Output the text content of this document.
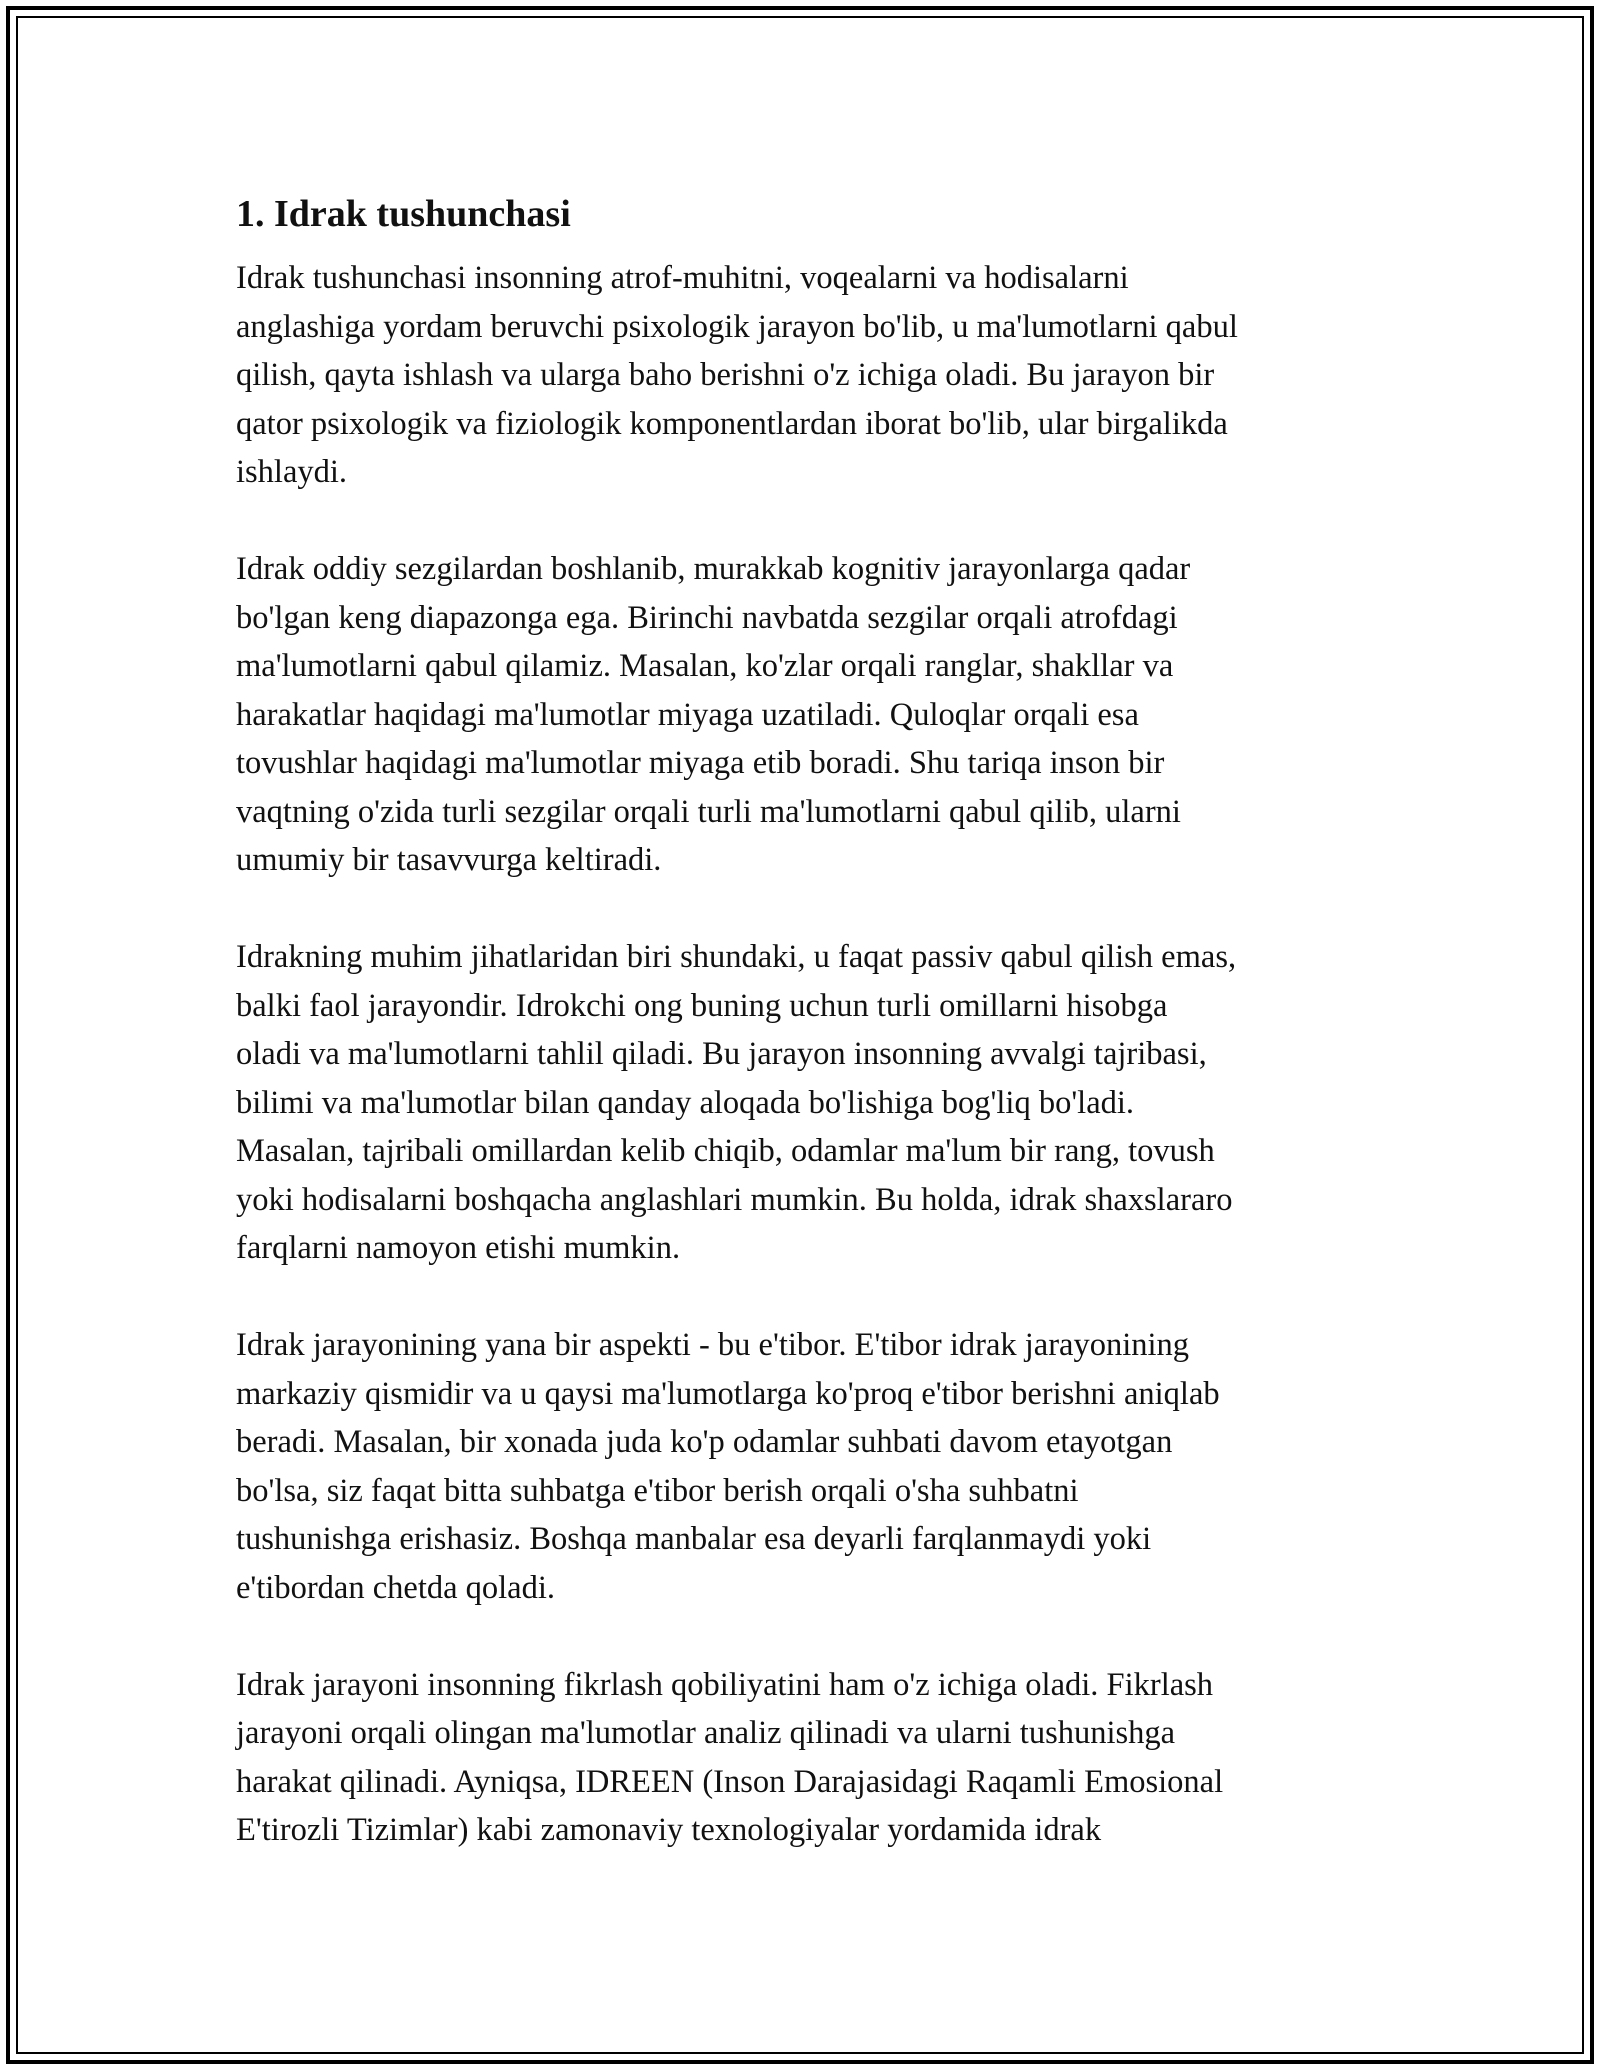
1. Idrak tushunchasi

Idrak tushunchasi insonning atrof-muhitni, voqealarni va hodisalarni
anglashiga yordam beruvchi psixologik jarayon bo'lib, u ma'lumotlarni qabul
qilish, qayta ishlash va ularga baho berishni o'z ichiga oladi. Bu jarayon bir
qator psixologik va fiziologik komponentlardan iborat bo'lib, ular birgalikda
ishlaydi.

Idrak oddiy sezgilardan boshlanib, murakkab kognitiv jarayonlarga qadar
bo'lgan keng diapazonga ega. Birinchi navbatda sezgilar orqali atrofdagi
ma'lumotlarni qabul qilamiz. Masalan, ko'zlar orqali ranglar, shakllar va
harakatlar haqidagi ma'lumotlar miyaga uzatiladi. Quloqlar orqali esa
tovushlar haqidagi ma'lumotlar miyaga etib boradi. Shu tariqa inson bir
vaqtning o'zida turli sezgilar orqali turli ma'lumotlarni qabul qilib, ularni
umumiy bir tasavvurga keltiradi.

Idrakning muhim jihatlaridan biri shundaki, u faqat passiv qabul qilish emas,
balki faol jarayondir. Idrokchi ong buning uchun turli omillarni hisobga
oladi va ma'lumotlarni tahlil qiladi. Bu jarayon insonning avvalgi tajribasi,
bilimi va ma'lumotlar bilan qanday aloqada bo'lishiga bog'liq bo'ladi.
Masalan, tajribali omillardan kelib chiqib, odamlar ma'lum bir rang, tovush
yoki hodisalarni boshqacha anglashlari mumkin. Bu holda, idrak shaxslararo
farqlarni namoyon etishi mumkin.

Idrak jarayonining yana bir aspekti - bu e'tibor. E'tibor idrak jarayonining
markaziy qismidir va u qaysi ma'lumotlarga ko'proq e'tibor berishni aniqlab
beradi. Masalan, bir xonada juda ko'p odamlar suhbati davom etayotgan
bo'lsa, siz faqat bitta suhbatga e'tibor berish orqali o'sha suhbatni
tushunishga erishasiz. Boshqa manbalar esa deyarli farqlanmaydi yoki
e'tibordan chetda qoladi.

Idrak jarayoni insonning fikrlash qobiliyatini ham o'z ichiga oladi. Fikrlash
jarayoni orqali olingan ma'lumotlar analiz qilinadi va ularni tushunishga
harakat qilinadi. Ayniqsa, IDREEN (Inson Darajasidagi Raqamli Emosional
E'tirozli Tizimlar) kabi zamonaviy texnologiyalar yordamida idrak
